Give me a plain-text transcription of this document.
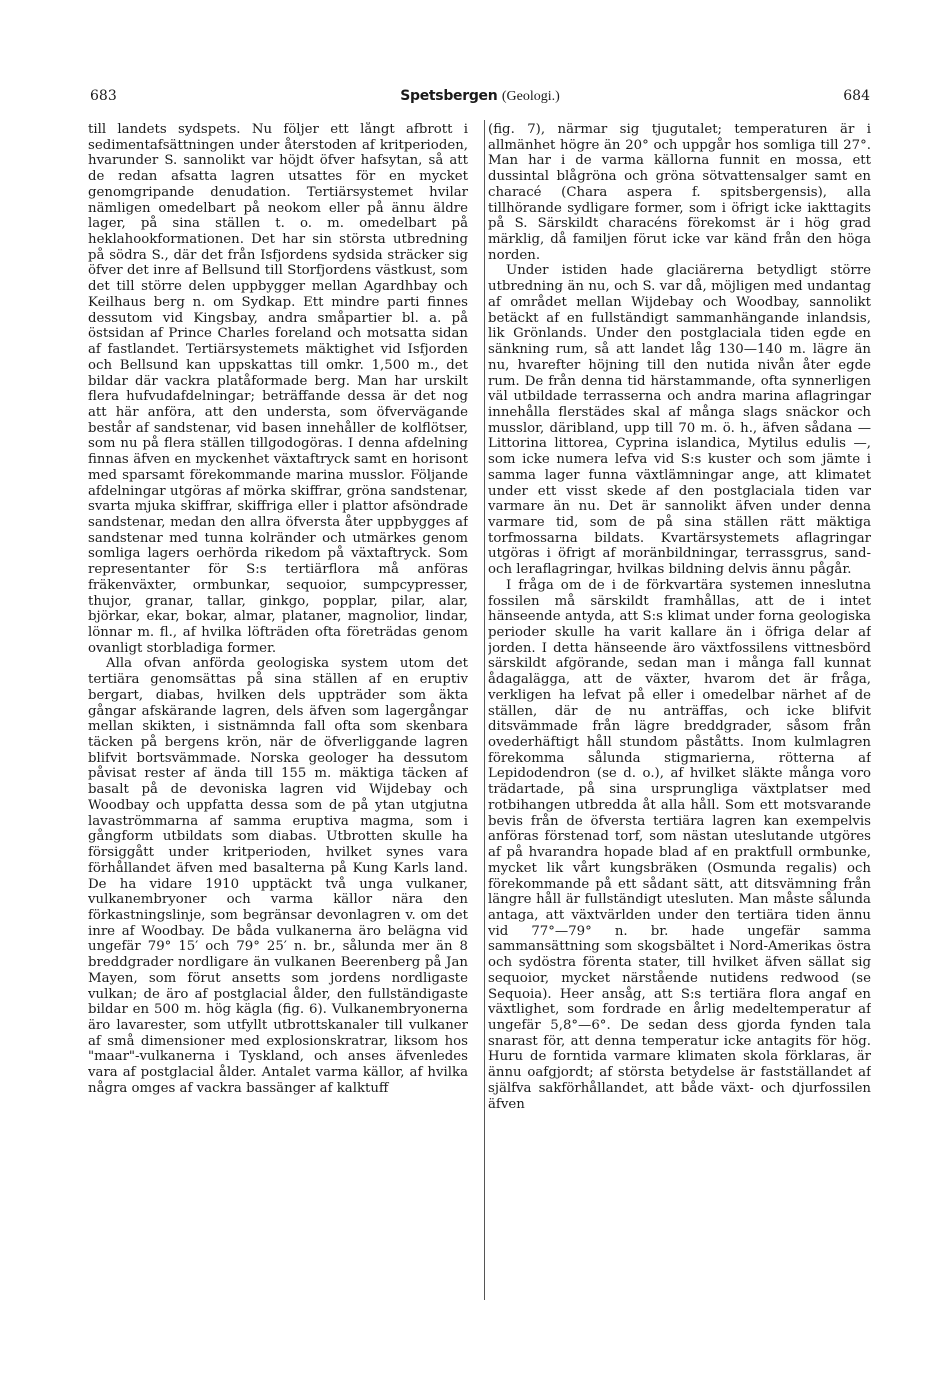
683	Spetsbergen (Geologi.)	684

till landets sydspets. Nu följer ett långt afbrott i sedimentafsättningen under återstoden af kritperioden, hvarunder S. sannolikt var höjdt öfver hafsytan, så att de redan afsatta lagren utsattes för en mycket genomgripande denudation. Tertiärsystemet hvilar nämligen omedelbart på neokom eller på ännu äldre lager, på sina ställen t. o. m. omedelbart på heklahookformationen. Det har sin största utbredning på södra S., där det från Isfjordens sydsida sträcker sig öfver det inre af Bellsund till Storfjordens västkust, som det till större delen uppbygger mellan Agardhbay och Keilhaus berg n. om Sydkap. Ett mindre parti finnes dessutom vid Kingsbay, andra småpartier bl. a. på östsidan af Prince Charles foreland och motsatta sidan af fastlandet. Tertiärsystemets mäktighet vid Isfjorden och Bellsund kan uppskattas till omkr. 1,500 m., det bildar där vackra platåformade berg. Man har urskilt flera hufvudafdelningar; beträffande dessa är det nog att här anföra, att den understa, som öfvervägande består af sandstenar, vid basen innehåller de kolflötser, som nu på flera ställen tillgodogöras. I denna afdelning finnas äfven en myckenhet växtaftryck samt en horisont med sparsamt förekommande marina musslor. Följande afdelningar utgöras af mörka skiffrar, gröna sandstenar, svarta mjuka skiffrar, skiffriga eller i plattor afsöndrade sandstenar, medan den allra öfversta åter uppbygges af sandstenar med tunna kolränder och utmärkes genom somliga lagers oerhörda rikedom på växtaftryck. Som representanter för S:s tertiärflora må anföras fräkenväxter, ormbunkar, sequoior, sumpcypresser, thujor, granar, tallar, ginkgo, popplar, pilar, alar, björkar, ekar, bokar, almar, plataner, magnolior, lindar, lönnar m. fl., af hvilka löfträden ofta företrädas genom ovanligt storbladiga former.

Alla ofvan anförda geologiska system utom det tertiära genomsättas på sina ställen af en eruptiv bergart, diabas, hvilken dels uppträder som äkta gångar afskärande lagren, dels äfven som lagergångar mellan skikten, i sistnämnda fall ofta som skenbara täcken på bergens krön, när de öfverliggande lagren blifvit bortsvämmade. Norska geologer ha dessutom påvisat rester af ända till 155 m. mäktiga täcken af basalt på de devoniska lagren vid Wijdebay och Woodbay och uppfatta dessa som de på ytan utgjutna lavaströmmarna af samma eruptiva magma, som i gångform utbildats som diabas. Utbrotten skulle ha försiggått under kritperioden, hvilket synes vara förhållandet äfven med basalterna på Kung Karls land. De ha vidare 1910 upptäckt två unga vulkaner, vulkanembryoner och varma källor nära den förkastningslinje, som begränsar devonlagren v. om det inre af Woodbay. De båda vulkanerna äro belägna vid ungefär 79° 15′ och 79° 25′ n. br., sålunda mer än 8 breddgrader nordligare än vulkanen Beerenberg på Jan Mayen, som förut ansetts som jordens nordligaste vulkan; de äro af postglacial ålder, den fullständigaste bildar en 500 m. hög kägla (fig. 6). Vulkanembryonerna äro lavarester, som utfyllt utbrottskanaler till vulkaner af små dimensioner med explosionskratrar, liksom hos "maar"-vulkanerna i Tyskland, och anses äfvenledes vara af postglacial ålder. Antalet varma källor, af hvilka några omges af vackra bassänger af kalktuff

(fig. 7), närmar sig tjugutalet; temperaturen är i allmänhet högre än 20° och uppgår hos somliga till 27°. Man har i de varma källorna funnit en mossa, ett dussintal blågröna och gröna sötvattensalger samt en characé (Chara aspera f. spitsbergensis), alla tillhörande sydligare former, som i öfrigt icke iakttagits på S. Särskildt characéns förekomst är i hög grad märklig, då familjen förut icke var känd från den höga norden.

Under istiden hade glaciärerna betydligt större utbredning än nu, och S. var då, möjligen med undantag af området mellan Wijdebay och Woodbay, sannolikt betäckt af en fullständigt sammanhängande inlandsis, lik Grönlands. Under den postglaciala tiden egde en sänkning rum, så att landet låg 130—140 m. lägre än nu, hvarefter höjning till den nutida nivån åter egde rum. De från denna tid härstammande, ofta synnerligen väl utbildade terrasserna och andra marina aflagringar innehålla flerstädes skal af många slags snäckor och musslor, däribland, upp till 70 m. ö. h., äfven sådana — Littorina littorea, Cyprina islandica, Mytilus edulis —, som icke numera lefva vid S:s kuster och som jämte i samma lager funna växtlämningar ange, att klimatet under ett visst skede af den postglaciala tiden var varmare än nu. Det är sannolikt äfven under denna varmare tid, som de på sina ställen rätt mäktiga torfmossarna bildats. Kvartärsystemets aflagringar utgöras i öfrigt af moränbildningar, terrassgrus, sand- och leraflagringar, hvilkas bildning delvis ännu pågår.

I fråga om de i de förkvartära systemen inneslutna fossilen må särskildt framhållas, att de i intet hänseende antyda, att S:s klimat under forna geologiska perioder skulle ha varit kallare än i öfriga delar af jorden. I detta hänseende äro växtfossilens vittnesbörd särskildt afgörande, sedan man i många fall kunnat ådagalägga, att de växter, hvarom det är fråga, verkligen ha lefvat på eller i omedelbar närhet af de ställen, där de nu anträffas, och icke blifvit ditsvämmade från lägre breddgrader, såsom från ovederhäftigt håll stundom påståtts. Inom kulmlagren förekomma sålunda stigmarierna, rötterna af Lepidodendron (se d. o.), af hvilket släkte många voro trädartade, på sina ursprungliga växtplatser med rotbihangen utbredda åt alla håll. Som ett motsvarande bevis från de öfversta tertiära lagren kan exempelvis anföras förstenad torf, som nästan uteslutande utgöres af på hvarandra hopade blad af en praktfull ormbunke, mycket lik vårt kungsbräken (Osmunda regalis) och förekommande på ett sådant sätt, att ditsvämning från längre håll är fullständigt utesluten. Man måste sålunda antaga, att växtvärlden under den tertiära tiden ännu vid 77°—79° n. br. hade ungefär samma sammansättning som skogsbältet i Nord-Amerikas östra och sydöstra förenta stater, till hvilket äfven sällat sig sequoior, mycket närstående nutidens redwood (se Sequoia). Heer ansåg, att S:s tertiära flora angaf en växtlighet, som fordrade en årlig medeltemperatur af ungefär 5,8°—6°. De sedan dess gjorda fynden tala snarast för, att denna temperatur icke antagits för hög. Huru de forntida varmare klimaten skola förklaras, är ännu oafgjordt; af största betydelse är fastställandet af själfva sakförhållandet, att både växt- och djurfossilen äfven
